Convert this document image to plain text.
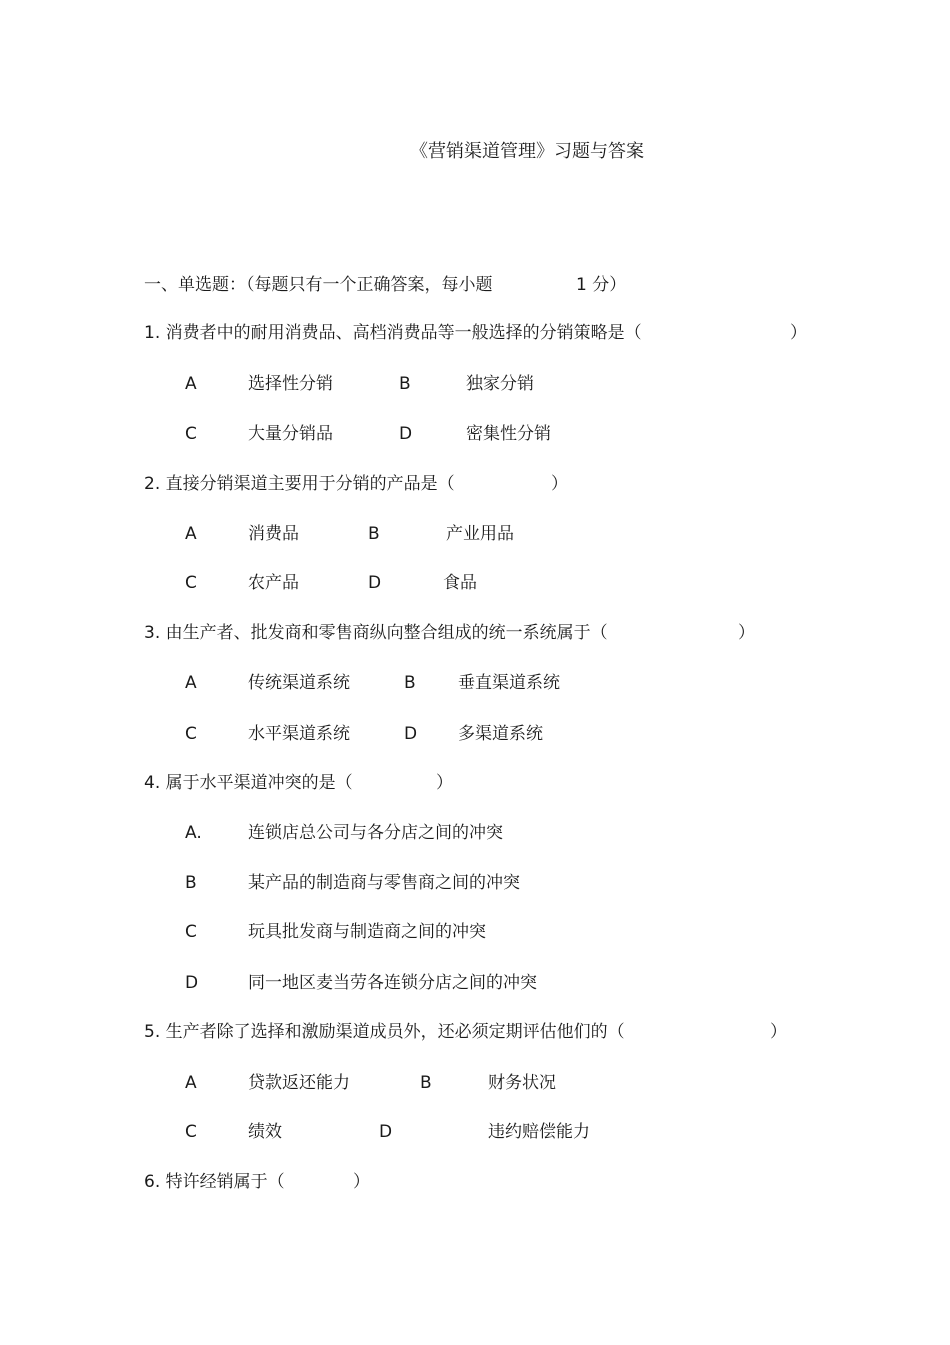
《营销渠道管理》习题与答案
一、单选题：（每题只有一个正确答案，每小题	1 分）
1. 消费者中的耐用消费品、高档消费品等一般选择的分销策略是（	）
A	选择性分销	B	独家分销
C	大量分销品	D	密集性分销
2. 直接分销渠道主要用于分销的产品是（	）
A	消费品	B	产业用品
C	农产品	D	食品
3. 由生产者、批发商和零售商纵向整合组成的统一系统属于（	）
A	传统渠道系统	B 垂直渠道系统
C	水平渠道系统	D 多渠道系统
4. 属于水平渠道冲突的是（	）
A.	连锁店总公司与各分店之间的冲突
B	某产品的制造商与零售商之间的冲突
C	玩具批发商与制造商之间的冲突
D	同一地区麦当劳各连锁分店之间的冲突
5. 生产者除了选择和激励渠道成员外，还必须定期评估他们的（	）
A	贷款返还能力	B	财务状况
C	绩效	D	违约赔偿能力
6. 特许经销属于（	）
